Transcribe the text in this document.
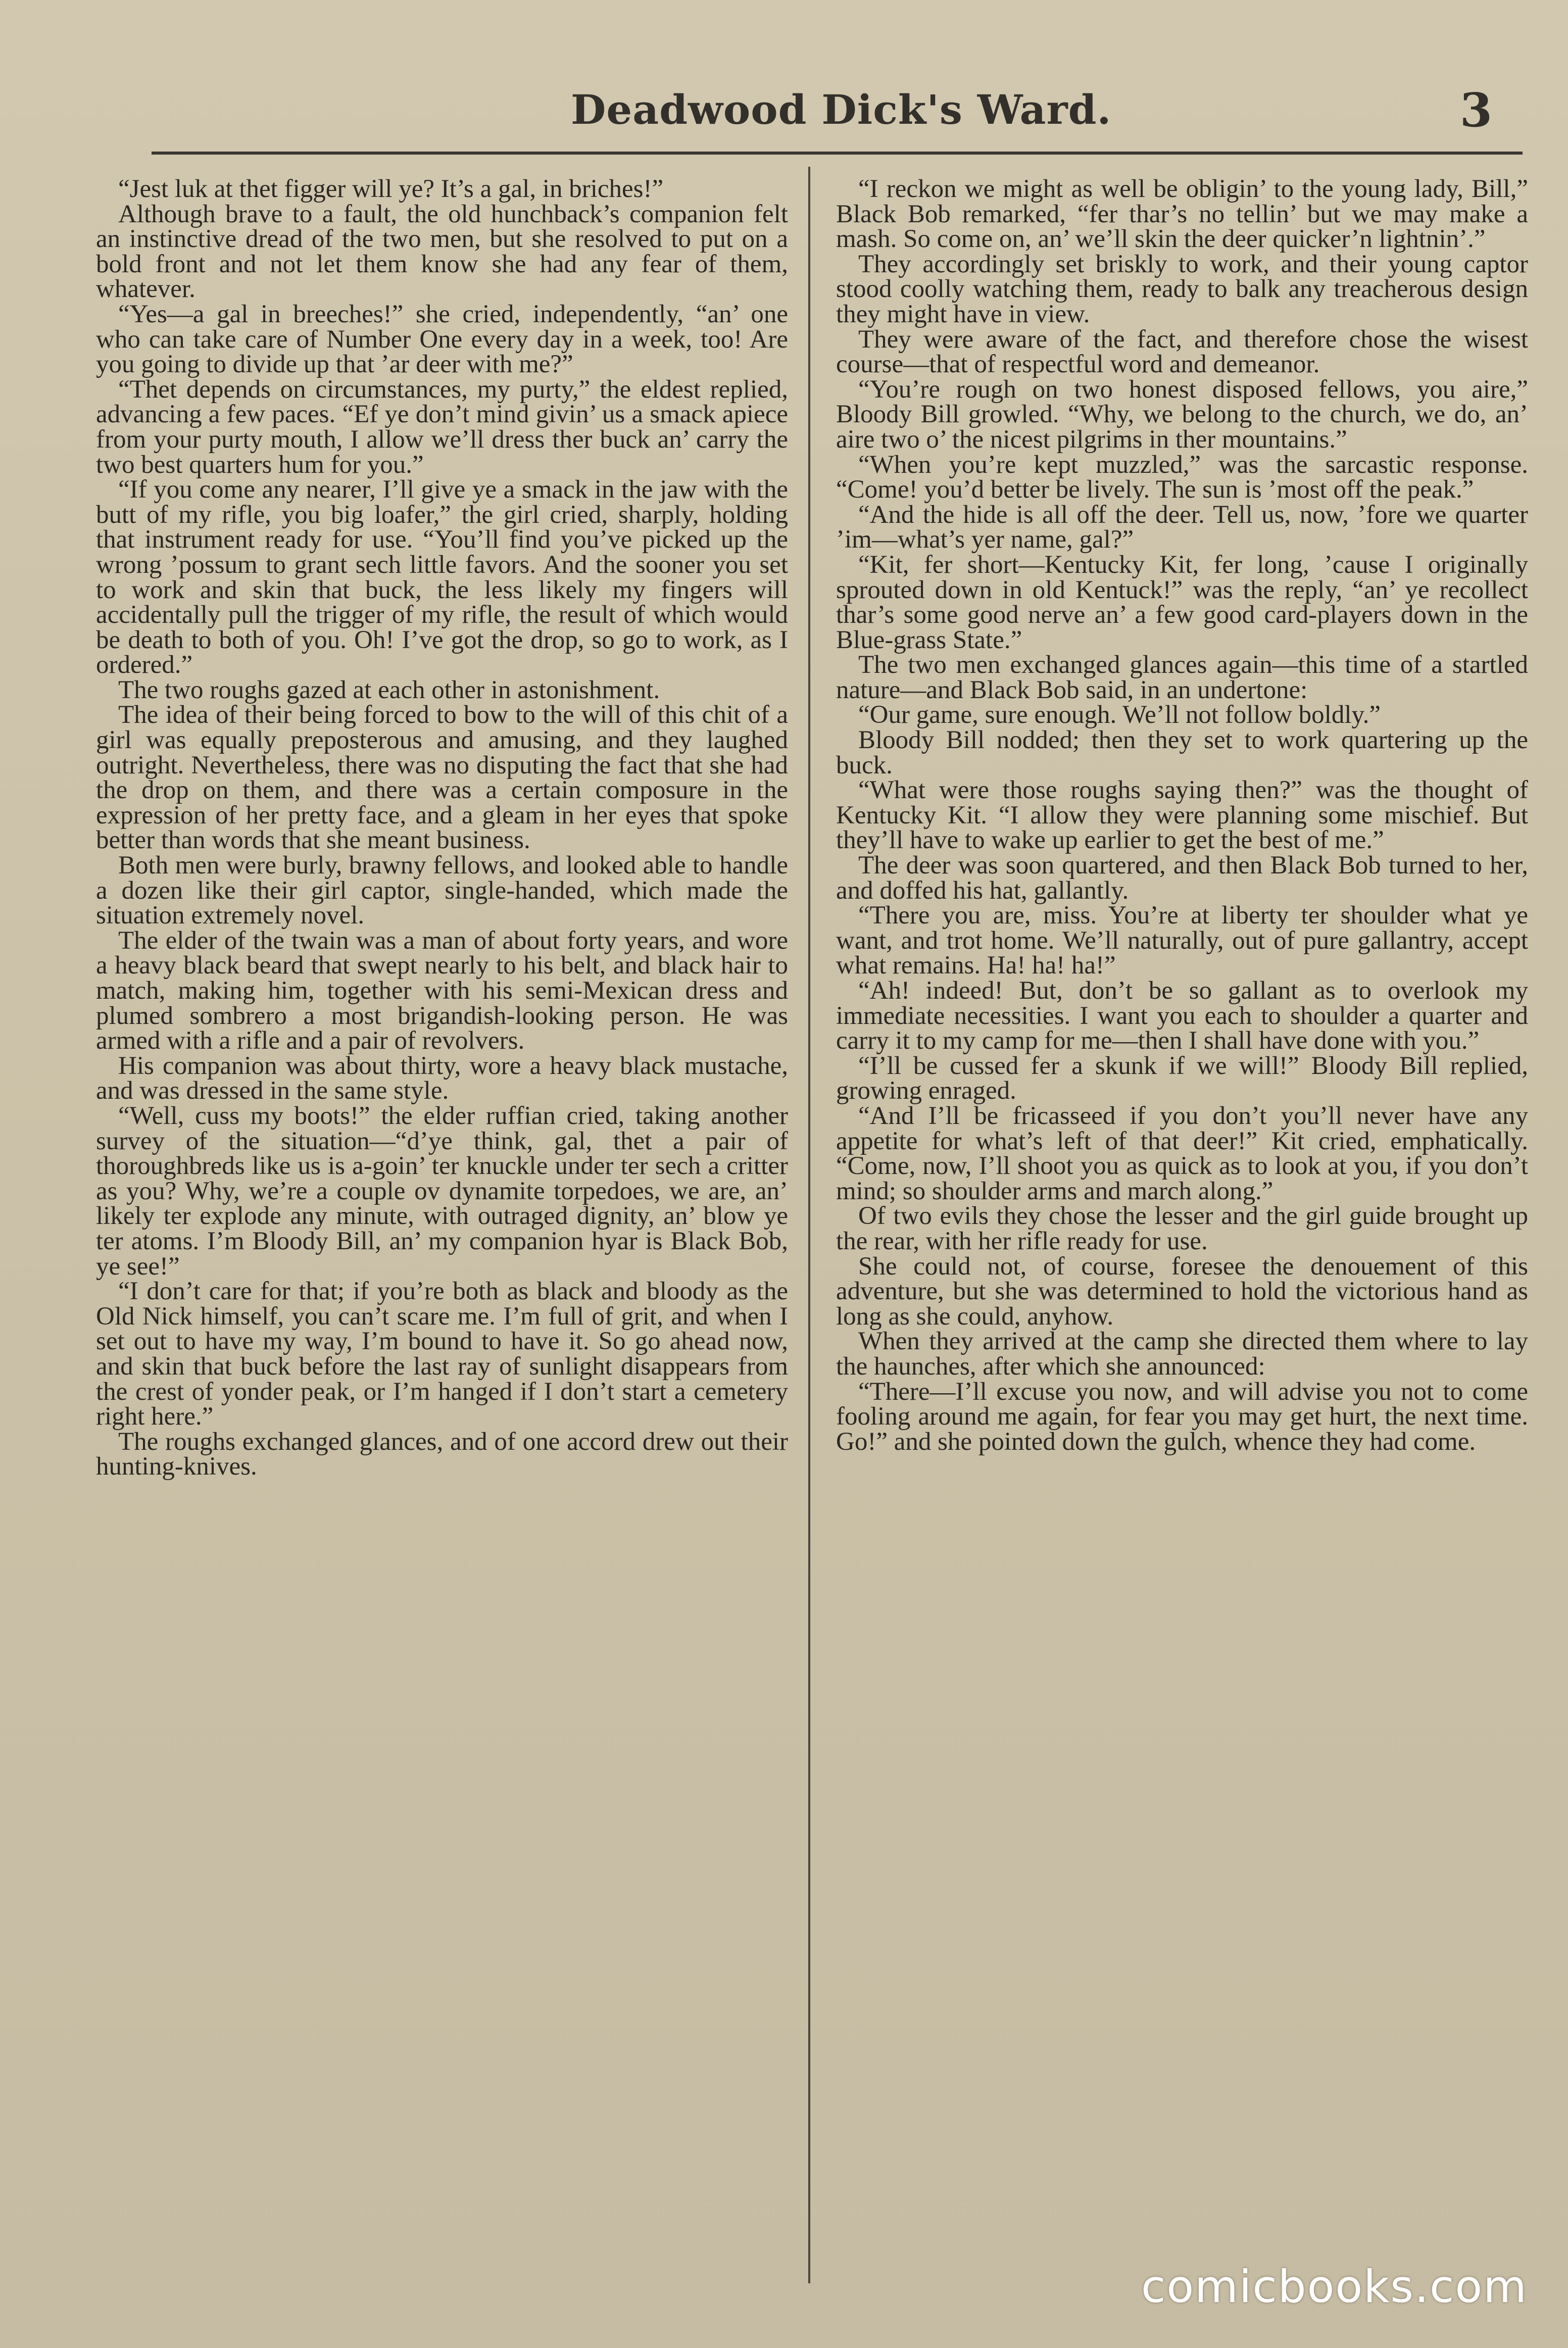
Deadwood Dick's Ward.	3

“Jest luk at thet figger will ye? It’s a gal, in briches!”

Although brave to a fault, the old hunchback’s companion felt an instinctive dread of the two men, but she resolved to put on a bold front and not let them know she had any fear of them, whatever.

“Yes—a gal in breeches!” she cried, independently, “an’ one who can take care of Number One every day in a week, too! Are you going to divide up that ’ar deer with me?”

“Thet depends on circumstances, my purty,” the eldest replied, advancing a few paces. “Ef ye don’t mind givin’ us a smack apiece from your purty mouth, I allow we’ll dress ther buck an’ carry the two best quarters hum for you.”

“If you come any nearer, I’ll give ye a smack in the jaw with the butt of my rifle, you big loafer,” the girl cried, sharply, holding that instrument ready for use. “You’ll find you’ve picked up the wrong ’possum to grant sech little favors. And the sooner you set to work and skin that buck, the less likely my fingers will accidentally pull the trigger of my rifle, the result of which would be death to both of you. Oh! I’ve got the drop, so go to work, as I ordered.”

The two roughs gazed at each other in astonishment.

The idea of their being forced to bow to the will of this chit of a girl was equally preposterous and amusing, and they laughed outright. Nevertheless, there was no disputing the fact that she had the drop on them, and there was a certain composure in the expression of her pretty face, and a gleam in her eyes that spoke better than words that she meant business.

Both men were burly, brawny fellows, and looked able to handle a dozen like their girl captor, single-handed, which made the situation extremely novel.

The elder of the twain was a man of about forty years, and wore a heavy black beard that swept nearly to his belt, and black hair to match, making him, together with his semi-Mexican dress and plumed sombrero a most brigandish-looking person. He was armed with a rifle and a pair of revolvers.

His companion was about thirty, wore a heavy black mustache, and was dressed in the same style.

“Well, cuss my boots!” the elder ruffian cried, taking another survey of the situation—“d’ye think, gal, thet a pair of thoroughbreds like us is a-goin’ ter knuckle under ter sech a critter as you? Why, we’re a couple ov dynamite torpedoes, we are, an’ likely ter explode any minute, with outraged dignity, an’ blow ye ter atoms. I’m Bloody Bill, an’ my companion hyar is Black Bob, ye see!”

“I don’t care for that; if you’re both as black and bloody as the Old Nick himself, you can’t scare me. I’m full of grit, and when I set out to have my way, I’m bound to have it. So go ahead now, and skin that buck before the last ray of sunlight disappears from the crest of yonder peak, or I’m hanged if I don’t start a cemetery right here.”

The roughs exchanged glances, and of one accord drew out their hunting-knives.

“I reckon we might as well be obligin’ to the young lady, Bill,” Black Bob remarked, “fer thar’s no tellin’ but we may make a mash. So come on, an’ we’ll skin the deer quicker’n lightnin’.”

They accordingly set briskly to work, and their young captor stood coolly watching them, ready to balk any treacherous design they might have in view.

They were aware of the fact, and therefore chose the wisest course—that of respectful word and demeanor.

“You’re rough on two honest disposed fellows, you aire,” Bloody Bill growled. “Why, we belong to the church, we do, an’ aire two o’ the nicest pilgrims in ther mountains.”

“When you’re kept muzzled,” was the sarcastic response. “Come! you’d better be lively. The sun is ’most off the peak.”

“And the hide is all off the deer. Tell us, now, ’fore we quarter ’im—what’s yer name, gal?”

“Kit, fer short—Kentucky Kit, fer long, ’cause I originally sprouted down in old Kentuck!” was the reply, “an’ ye recollect thar’s some good nerve an’ a few good card-players down in the Blue-grass State.”

The two men exchanged glances again—this time of a startled nature—and Black Bob said, in an undertone:

“Our game, sure enough. We’ll not follow boldly.”

Bloody Bill nodded; then they set to work quartering up the buck.

“What were those roughs saying then?” was the thought of Kentucky Kit. “I allow they were planning some mischief. But they’ll have to wake up earlier to get the best of me.”

The deer was soon quartered, and then Black Bob turned to her, and doffed his hat, gallantly.

“There you are, miss. You’re at liberty ter shoulder what ye want, and trot home. We’ll naturally, out of pure gallantry, accept what remains. Ha! ha! ha!”

“Ah! indeed! But, don’t be so gallant as to overlook my immediate necessities. I want you each to shoulder a quarter and carry it to my camp for me—then I shall have done with you.”

“I’ll be cussed fer a skunk if we will!” Bloody Bill replied, growing enraged.

“And I’ll be fricasseed if you don’t you’ll never have any appetite for what’s left of that deer!” Kit cried, emphatically. “Come, now, I’ll shoot you as quick as to look at you, if you don’t mind; so shoulder arms and march along.”

Of two evils they chose the lesser and the girl guide brought up the rear, with her rifle ready for use.

She could not, of course, foresee the denouement of this adventure, but she was determined to hold the victorious hand as long as she could, anyhow.

When they arrived at the camp she directed them where to lay the haunches, after which she announced:

“There—I’ll excuse you now, and will advise you not to come fooling around me again, for fear you may get hurt, the next time. Go!” and she pointed down the gulch, whence they had come.

comicbooks.com
